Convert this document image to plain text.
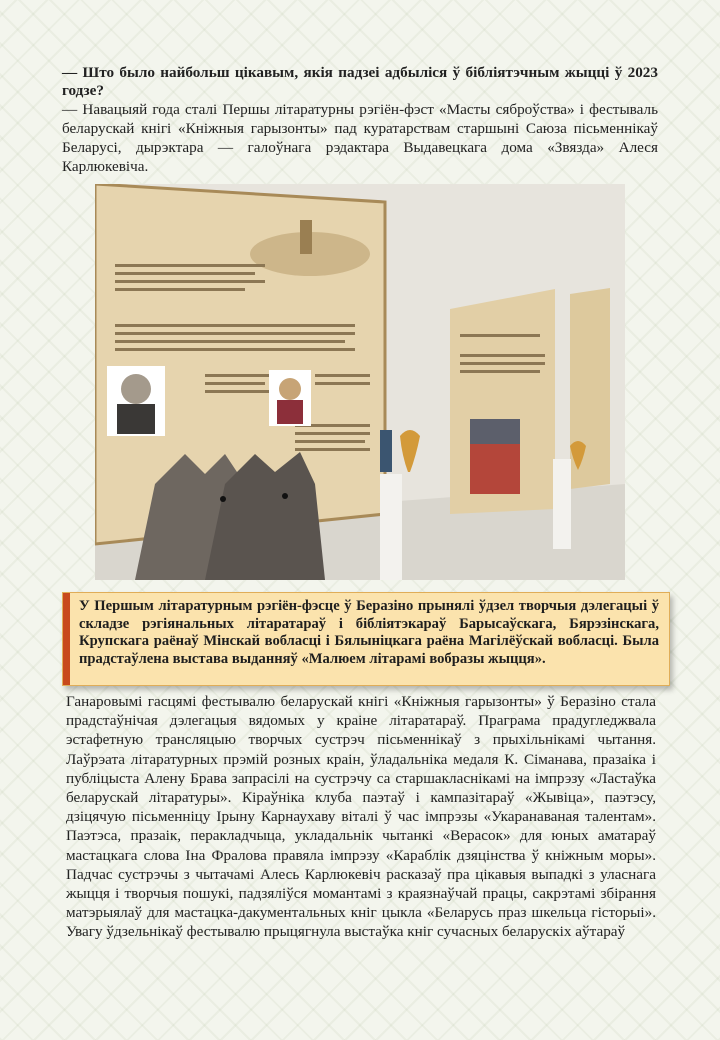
— Што было найбольш цікавым, якія падзеі адбыліся ў бібліятэчным жыцці ў 2023 годзе?

— Навацыяй года сталі Першы літаратурны рэгіён-фэст «Масты сяброўства» і фестываль беларускай кнігі «Кніжныя гарызонты» пад куратарствам старшыні Саюза пісьменнікаў Беларусі, дырэктара — галоўнага рэдактара Выдавецкага дома «Звязда» Алеся Карлюкевіча.

У Першым літаратурным рэгіён-фэсце ў Беразіно прынялі ўдзел творчыя дэлегацыі ў складзе рэгіянальных літаратараў і бібліятэкараў Барысаўскага, Бярэзінскага, Крупскага раёнаў Мінскай вобласці і Бялыніцкага раёна Магілёўскай вобласці. Была прадстаўлена выстава выданняў «Малюем літарамі вобразы жыцця».

Ганаровымі гасцямі фестывалю беларускай кнігі «Кніжныя гарызонты» ў Беразіно стала прадстаўнічая дэлегацыя вядомых у краіне літаратараў. Праграма прадугледжвала эстафетную трансляцыю творчых сустрэч пісьменнікаў з прыхільнікамі чытання. Лаўрэата літаратурных прэмій розных краін, ўладальніка медаля К. Сіманава, празаіка і публіцыста Алену Брава запрасілі на сустрэчу са старшакласнікамі на імпрэзу «Ластаўка беларускай літаратуры». Кіраўніка клуба паэтаў і кампазітараў «Жывіца», паэтэсу, дзіцячую пісьменніцу Ірыну Карнаухаву віталі ў час імпрэзы «Укаранаваная талентам». Паэтэса, празаік, перакладчыца, укладальнік чытанкі «Верасок» для юных аматараў мастацкага слова Іна Фралова правяла імпрэзу «Караблік дзяцінства ў кніжным моры». Падчас сустрэчы з чытачамі Алесь Карлюкевіч расказаў пра цікавыя выпадкі з уласнага жыцця і творчыя пошукі, падзяліўся момантамі з краязнаўчай працы, сакрэтамі збірання матэрыялаў для мастацка-дакументальных кніг цыкла «Беларусь праз шкельца гісторыі». Увагу ўдзельнікаў фестывалю прыцягнула выстаўка кніг сучасных беларускіх аўтараў
